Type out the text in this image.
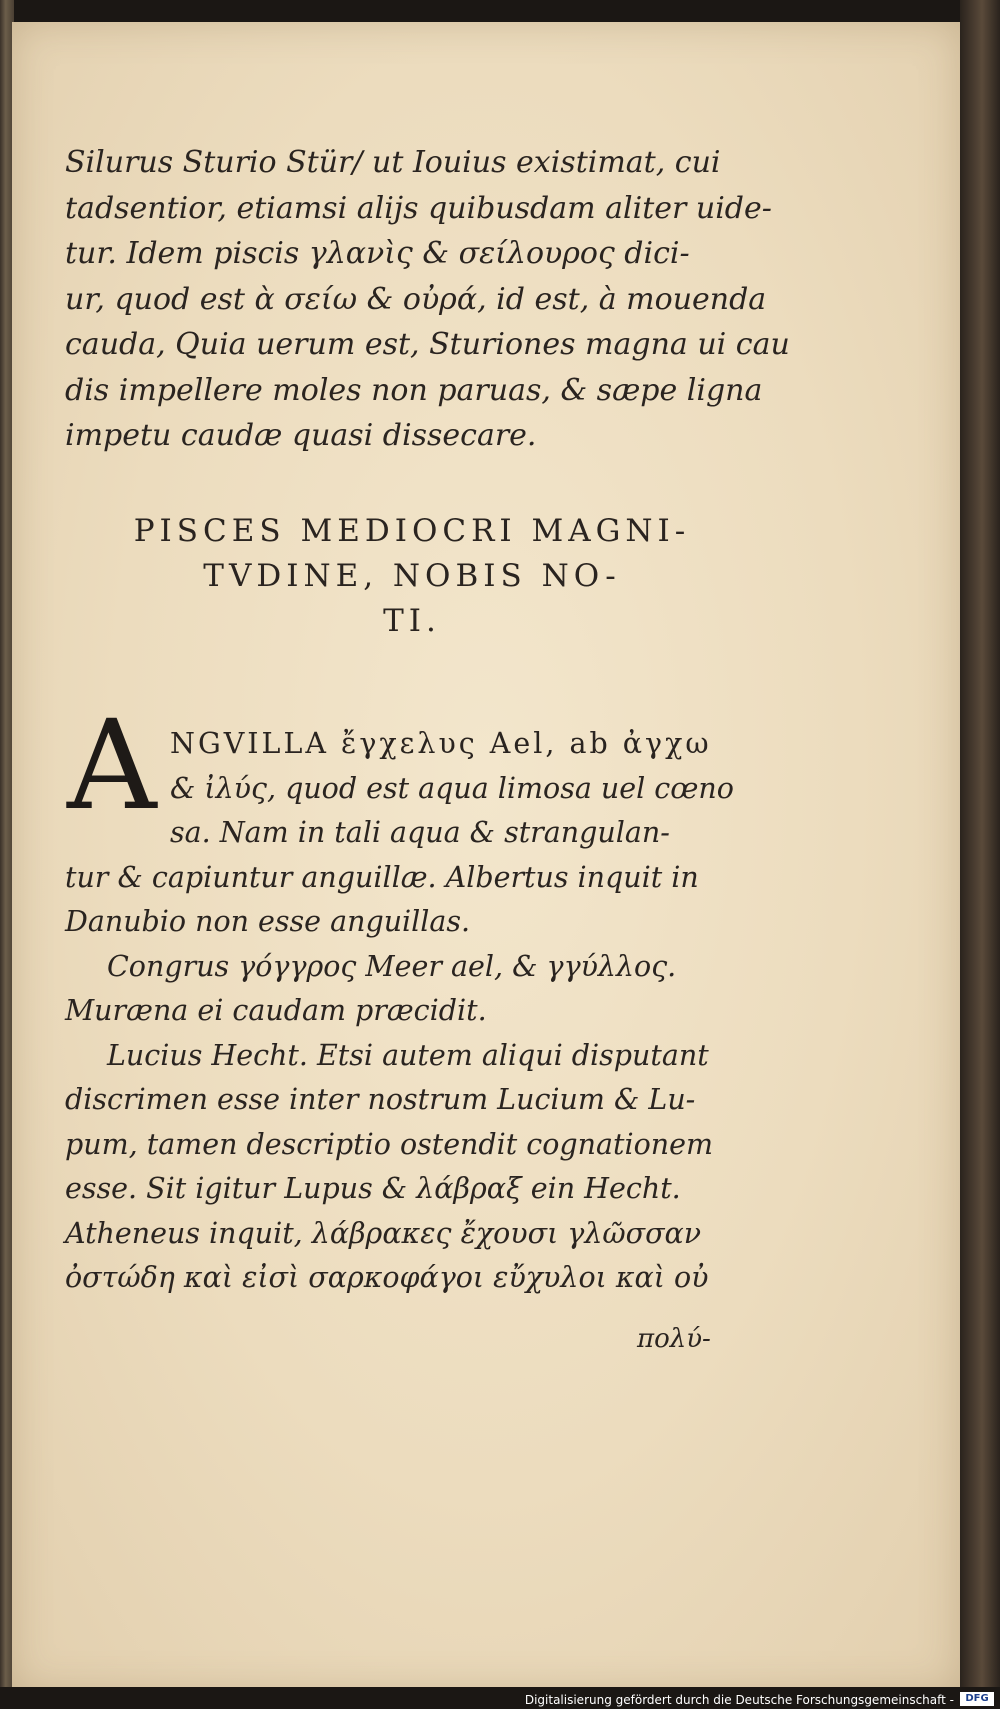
Silurus Sturio Stür/ ut Iouius existimat, cui
tadsentior, etiamsi alijs quibusdam aliter uide-
tur. Idem piscis γλανὶς & σείλουρος dici-
ur, quod est ὰ σείω & οὐρά, id est, à mouenda
cauda, Quia uerum est, Sturiones magna ui cau
dis impellere moles non paruas, & sæpe ligna
impetu caudæ quasi dissecare.
PISCES MEDIOCRI MAGNI-
TVDINE, NOBIS NO-
TI.
A NGVILLA ἔγχελυς Ael, ab ἀγχω
& ἰλύς, quod est aqua limosa uel cœno
sa. Nam in tali aqua & strangulan-
tur & capiuntur anguillæ. Albertus inquit in
Danubio non esse anguillas.
Congrus γόγγρος Meer ael, & γγύλλος.
Muræna ei caudam præcidit.
Lucius Hecht. Etsi autem aliqui disputant
discrimen esse inter nostrum Lucium & Lu-
pum, tamen descriptio ostendit cognationem
esse. Sit igitur Lupus & λάβραξ ein Hecht.
Atheneus inquit, λάβρακες ἔχουσι γλῶσσαν
ὀστώδη καὶ εἰσὶ σαρκοφάγοι εὔχυλοι καὶ οὐ
πολύ-
Digitalisierung gefördert durch die Deutsche Forschungsgemeinschaft -	DFG
